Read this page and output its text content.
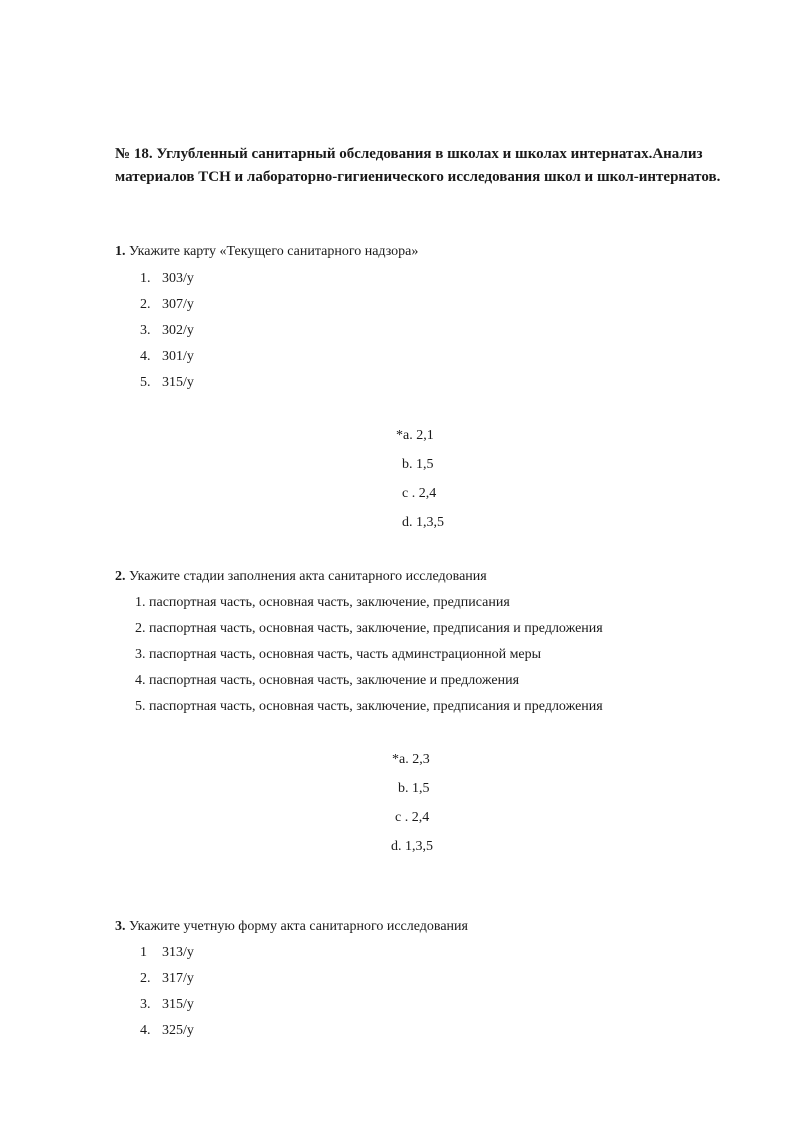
№ 18. Углубленный санитарный обследования в школах и школах интернатах.Анализ материалов ТСН и лабораторно-гигиенического исследования школ и школ-интернатов.
1. Укажите карту «Текущего санитарного надзора»
1. 303/у
2. 307/у
3. 302/у
4. 301/у
5. 315/у
*а. 2,1
b. 1,5
с . 2,4
d. 1,3,5
2. Укажите стадии заполнения акта санитарного исследования
1. паспортная часть, основная часть, заключение, предписания
2. паспортная часть, основная часть, заключение, предписания и предложения
3. паспортная часть, основная часть, часть админстрационной меры
4. паспортная часть, основная часть, заключение и предложения
5. паспортная часть, основная часть, заключение, предписания и предложения
*а. 2,3
b. 1,5
с . 2,4
d. 1,3,5
3. Укажите учетную форму акта санитарного исследования
1 313/у
2. 317/у
3. 315/у
4. 325/у
